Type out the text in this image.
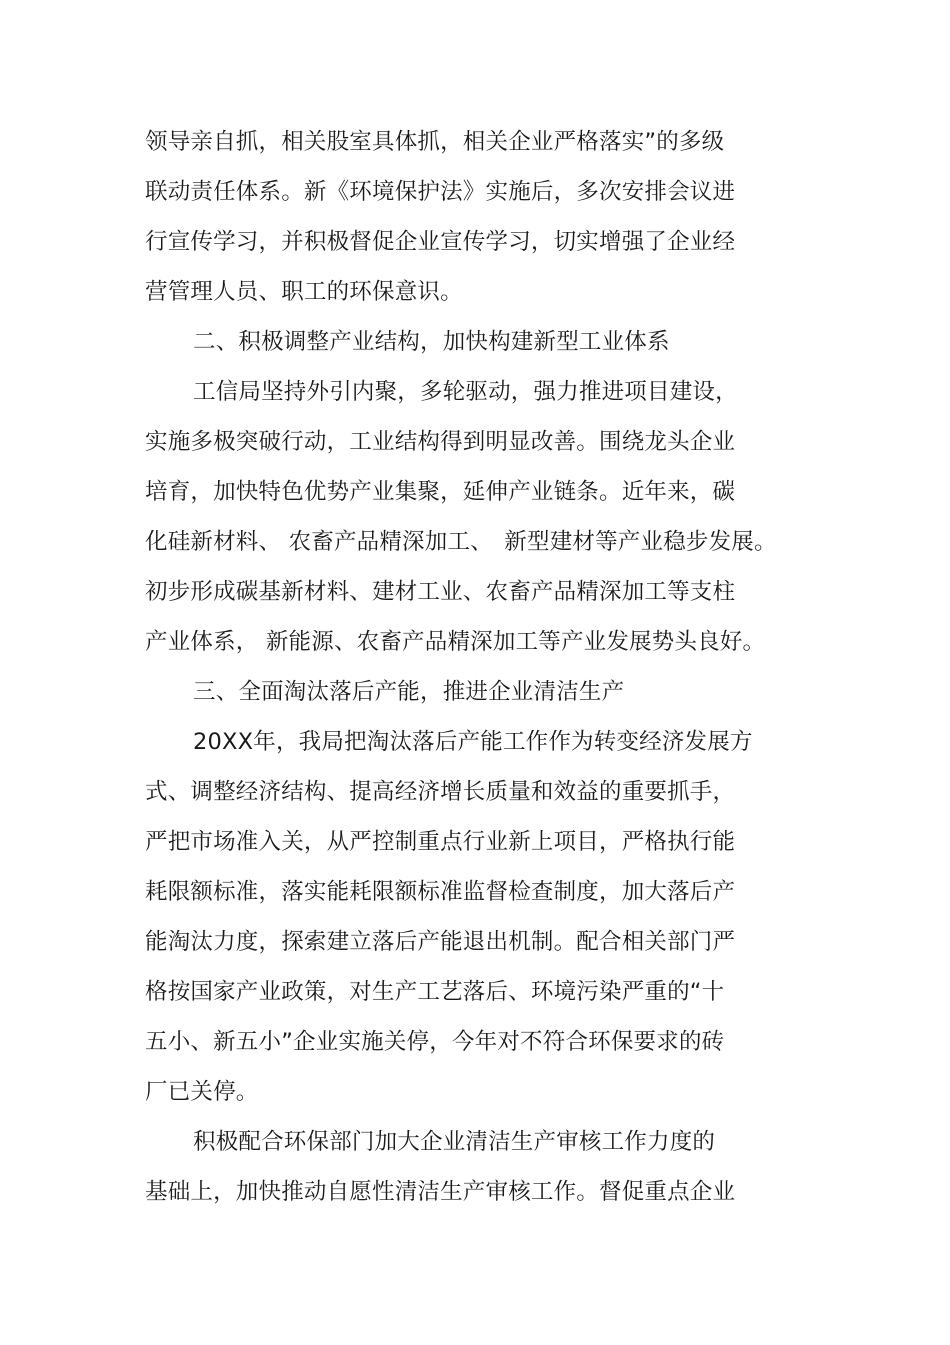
领导亲自抓，相关股室具体抓，相关企业严格落实”的多级
联动责任体系。新《环境保护法》实施后，多次安排会议进
行宣传学习，并积极督促企业宣传学习，切实增强了企业经
营管理人员、职工的环保意识。
二、积极调整产业结构，加快构建新型工业体系
工信局坚持外引内聚，多轮驱动，强力推进项目建设，
实施多极突破行动，工业结构得到明显改善。围绕龙头企业
培育，加快特色优势产业集聚，延伸产业链条。近年来，碳
化硅新材料、 农畜产品精深加工、　新型建材等产业稳步发展。
初步形成碳基新材料、建材工业、农畜产品精深加工等支柱
产业体系， 新能源、农畜产品精深加工等产业发展势头良好。
三、全面淘汰落后产能，推进企业清洁生产
20XX年，我局把淘汰落后产能工作作为转变经济发展方
式、调整经济结构、提高经济增长质量和效益的重要抓手，
严把市场准入关，从严控制重点行业新上项目，严格执行能
耗限额标准，落实能耗限额标准监督检查制度，加大落后产
能淘汰力度，探索建立落后产能退出机制。配合相关部门严
格按国家产业政策，对生产工艺落后、环境污染严重的“十
五小、新五小”企业实施关停，今年对不符合环保要求的砖
厂已关停。
积极配合环保部门加大企业清洁生产审核工作力度的
基础上，加快推动自愿性清洁生产审核工作。督促重点企业
